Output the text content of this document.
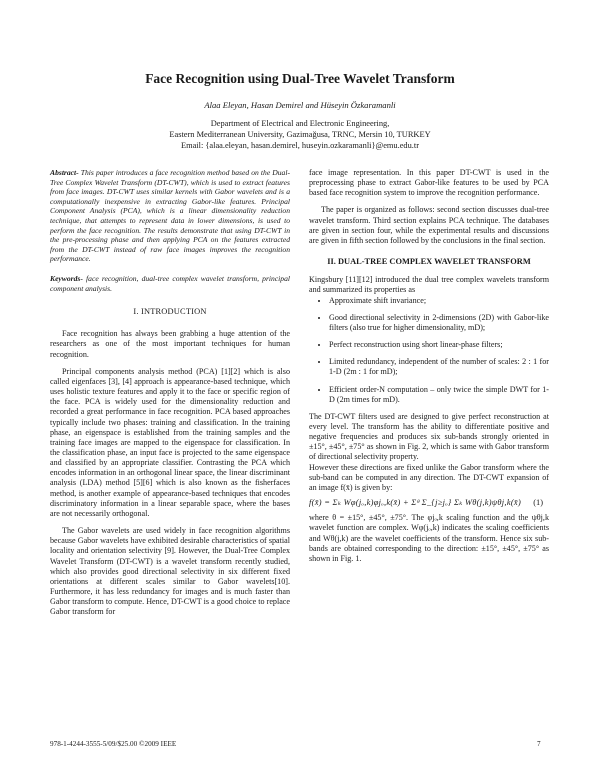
Face Recognition using Dual-Tree Wavelet Transform
Alaa Eleyan, Hasan Demirel and Hüseyin Özkaramanli
Department of Electrical and Electronic Engineering,
Eastern Mediterranean University, Gazimağusa, TRNC, Mersin 10, TURKEY
Email: {alaa.eleyan, hasan.demirel, huseyin.ozkaramanli}@emu.edu.tr

Abstract- This paper introduces a face recognition method based on the Dual-Tree Complex Wavelet Transform (DT-CWT), which is used to extract features from face images. DT-CWT uses similar kernels with Gabor wavelets and is a computationally inexpensive in extracting Gabor-like features. Principal Component Analysis (PCA), which is a linear dimensionality reduction technique, that attempts to represent data in lower dimensions, is used to perform the face recognition. The results demonstrate that using DT-CWT in the pre-processing phase and then applying PCA on the features extracted from the DT-CWT instead of raw face images improves the recognition performance.

Keywords- face recognition, dual-tree complex wavelet transform, principal component analysis.

I. INTRODUCTION

Face recognition has always been grabbing a huge attention of the researchers as one of the most important techniques for human recognition.

Principal components analysis method (PCA) [1][2] which is also called eigenfaces [3], [4] approach is appearance-based technique, which uses holistic texture features and apply it to the face or specific region of the face. PCA is widely used for the dimensionality reduction and recorded a great performance in face recognition. PCA based approaches typically include two phases: training and classification. In the training phase, an eigenspace is established from the training samples and the training face images are mapped to the eigenspace for classification. In the classification phase, an input face is projected to the same eigenspace and classified by an appropriate classifier. Contrasting the PCA which encodes information in an orthogonal linear space, the linear discriminant analysis (LDA) method [5][6] which is also known as the fisherfaces method, is another example of appearance-based techniques that encodes discriminatory information in a linear separable space, where the bases are not necessarily orthogonal.

The Gabor wavelets are used widely in face recognition algorithms because Gabor wavelets have exhibited desirable characteristics of spatial locality and orientation selectivity [9]. However, the Dual-Tree Complex Wavelet Transform (DT-CWT) is a wavelet transform recently studied, which also provides good directional selectivity in six different fixed orientations at different scales similar to Gabor wavelets[10]. Furthermore, it has less redundancy for images and is much faster than Gabor transform to compute. Hence, DT-CWT is a good choice to replace Gabor transform for

face image representation. In this paper DT-CWT is used in the preprocessing phase to extract Gabor-like features to be used by PCA based face recognition system to improve the recognition performance.

The paper is organized as follows: second section discusses dual-tree wavelet transform. Third section explains PCA technique. The databases are given in section four, while the experimental results and discussions are given in fifth section followed by the conclusions in the final section.

II. DUAL-TREE COMPLEX WAVELET TRANSFORM

Kingsbury [11][12] introduced the dual tree complex wavelets transform and summarized its properties as

• Approximate shift invariance;
• Good directional selectivity in 2-dimensions (2D) with Gabor-like filters (also true for higher dimensionality, mD);
• Perfect reconstruction using short linear-phase filters;
• Limited redundancy, independent of the number of scales: 2 : 1 for 1-D (2m : 1 for mD);
• Efficient order-N computation – only twice the simple DWT for 1-D (2m times for mD).

The DT-CWT filters used are designed to give perfect reconstruction at every level. The transform has the ability to differentiate positive and negative frequencies and produces six sub-bands strongly oriented in ±15°, ±45°, ±75° as shown in Fig. 2, which is same with Gabor transform of directional selectivity property.

However these directions are fixed unlike the Gabor transform where the sub-band can be computed in any direction. The DT-CWT expansion of an image f(x̄) is given by:

f(x̄) = Σₖ Wφ(jₒ,k)φjₒ,k(x̄) + Σᶿ Σ_{j≥jₒ} Σₖ Wθ(j,k)ψθj,k(x̄) (1)

where θ = ±15°, ±45°, ±75°. The φjₒ,k scaling function and the ψθj,k wavelet function are complex. Wφ(jₒ,k) indicates the scaling coefficients and Wθ(j,k) are the wavelet coefficients of the transform. Hence six sub-bands are obtained corresponding to the direction: ±15°, ±45°, ±75° as shown in Fig. 1.

978-1-4244-3555-5/09/$25.00 ©2009 IEEE	7
